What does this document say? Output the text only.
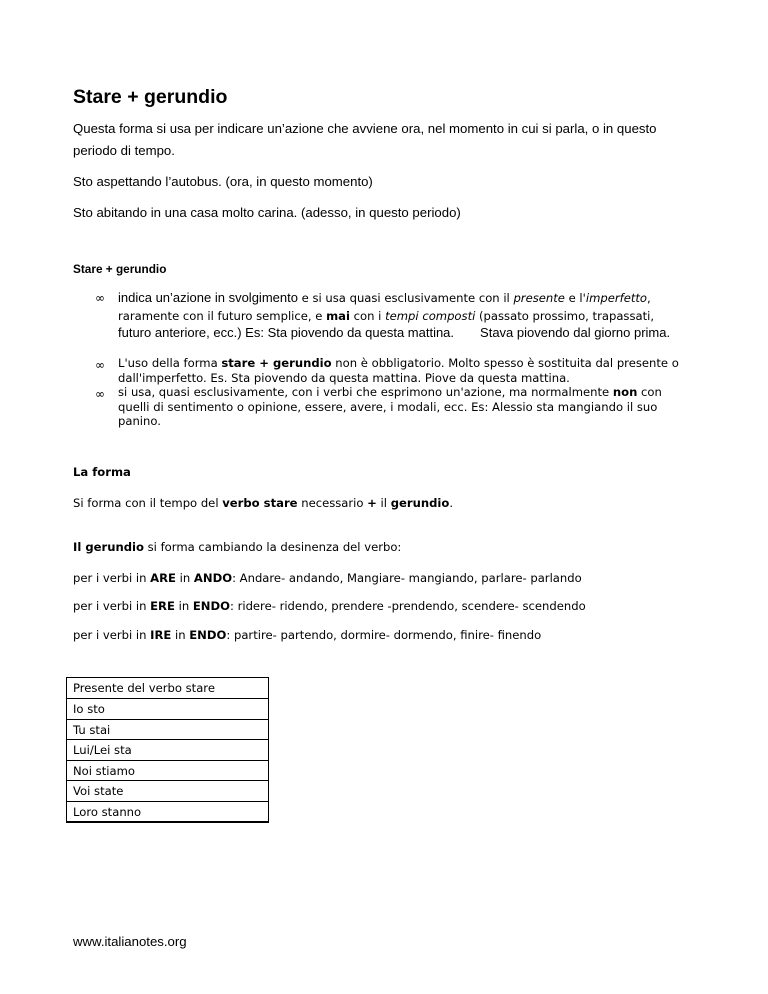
Stare + gerundio
Questa forma si usa per indicare un’azione che avviene ora, nel momento in cui si parla, o in questo
periodo di tempo.
Sto aspettando l’autobus. (ora, in questo momento)
Sto abitando in una casa molto carina. (adesso, in questo periodo)
Stare + gerundio
∞ indica un’azione in svolgimento e si usa quasi esclusivamente con il presente e l'imperfetto,
raramente con il futuro semplice, e mai con i tempi composti (passato prossimo, trapassati,
futuro anteriore, ecc.) Es: Sta piovendo da questa mattina. Stava piovendo dal giorno prima.
∞ L'uso della forma stare + gerundio non è obbligatorio. Molto spesso è sostituita dal presente o
dall'imperfetto. Es. Sta piovendo da questa mattina. Piove da questa mattina.
∞ si usa, quasi esclusivamente, con i verbi che esprimono un'azione, ma normalmente non con
quelli di sentimento o opinione, essere, avere, i modali, ecc. Es: Alessio sta mangiando il suo
panino.
La forma
Si forma con il tempo del verbo stare necessario + il gerundio.
Il gerundio si forma cambiando la desinenza del verbo:
per i verbi in ARE in ANDO: Andare- andando, Mangiare- mangiando, parlare- parlando
per i verbi in ERE in ENDO: ridere- ridendo, prendere -prendendo, scendere- scendendo
per i verbi in IRE in ENDO: partire- partendo, dormire- dormendo, finire- finendo
Presente del verbo stare
Io sto
Tu stai
Lui/Lei sta
Noi stiamo
Voi state
Loro stanno
www.italianotes.org
